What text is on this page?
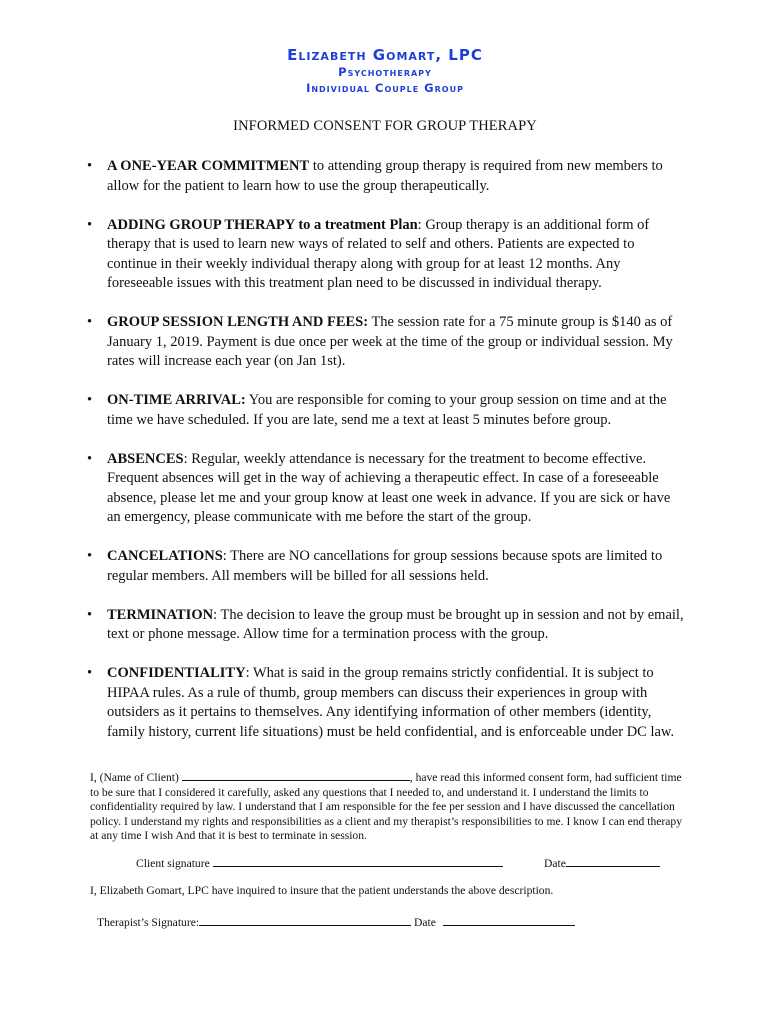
Elizabeth Gomart, LPC
Psychotherapy
Individual Couple Group
INFORMED CONSENT FOR GROUP THERAPY
• A ONE-YEAR COMMITMENT to attending group therapy is required from new members to allow for the patient to learn how to use the group therapeutically.
• ADDING GROUP THERAPY to a treatment Plan: Group therapy is an additional form of therapy that is used to learn new ways of related to self and others. Patients are expected to continue in their weekly individual therapy along with group for at least 12 months. Any foreseeable issues with this treatment plan need to be discussed in individual therapy.
• GROUP SESSION LENGTH AND FEES: The session rate for a 75 minute group is $140 as of January 1, 2019. Payment is due once per week at the time of the group or individual session. My rates will increase each year (on Jan 1st).
• ON-TIME ARRIVAL: You are responsible for coming to your group session on time and at the time we have scheduled. If you are late, send me a text at least 5 minutes before group.
• ABSENCES: Regular, weekly attendance is necessary for the treatment to become effective. Frequent absences will get in the way of achieving a therapeutic effect. In case of a foreseeable absence, please let me and your group know at least one week in advance. If you are sick or have an emergency, please communicate with me before the start of the group.
• CANCELATIONS: There are NO cancellations for group sessions because spots are limited to regular members. All members will be billed for all sessions held.
• TERMINATION: The decision to leave the group must be brought up in session and not by email, text or phone message. Allow time for a termination process with the group.
• CONFIDENTIALITY: What is said in the group remains strictly confidential. It is subject to HIPAA rules. As a rule of thumb, group members can discuss their experiences in group with outsiders as it pertains to themselves. Any identifying information of other members (identity, family history, current life situations) must be held confidential, and is enforceable under DC law.
I, (Name of Client)	, have read this informed consent form, had sufficient time to be sure that I considered it carefully, asked any questions that I needed to, and understand it. I understand the limits to confidentiality required by law. I understand that I am responsible for the fee per session and I have discussed the cancellation policy. I understand my rights and responsibilities as a client and my therapist’s responsibilities to me. I know I can end therapy at any time I wish And that it is best to terminate in session.
Client signature	Date
I, Elizabeth Gomart, LPC have inquired to insure that the patient understands the above description.
Therapist’s Signature:	Date
